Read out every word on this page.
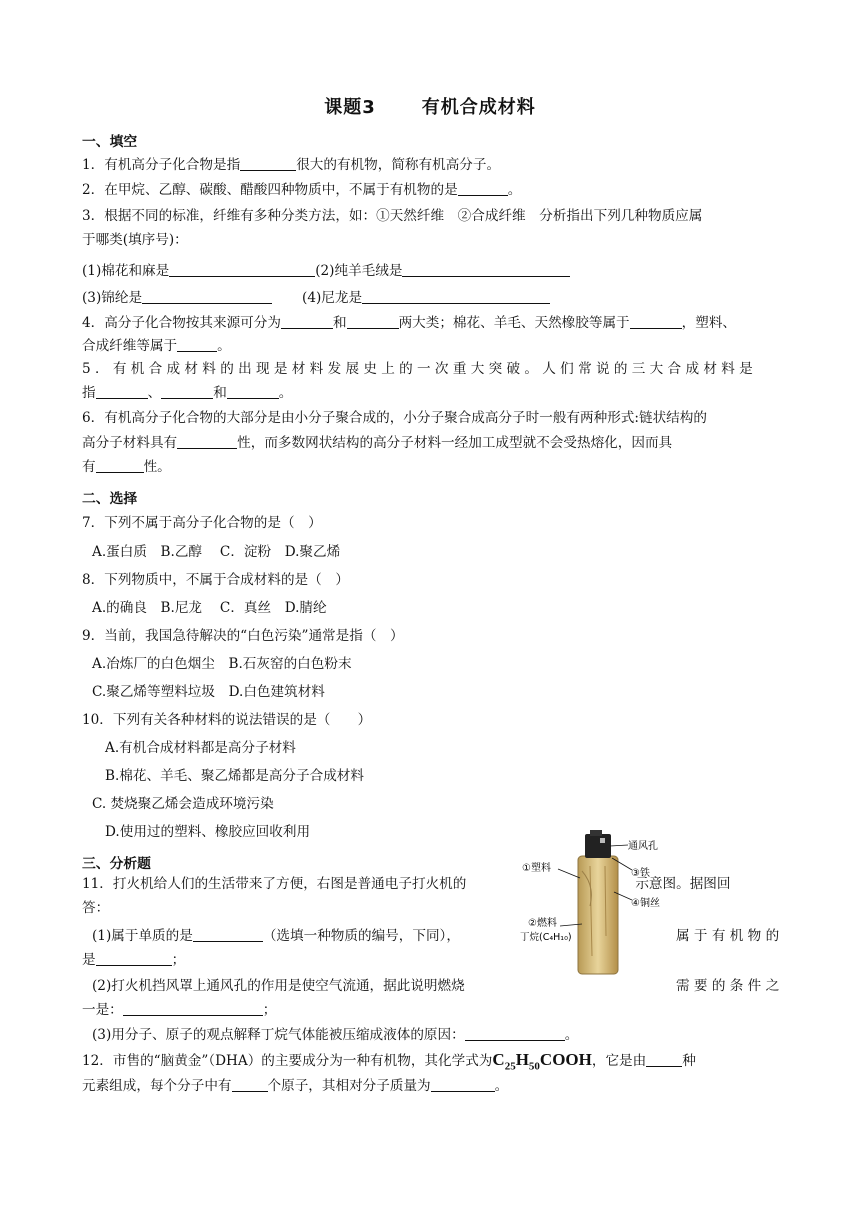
课题3	有机合成材料
一、填空
1．有机高分子化合物是指	很大的有机物，简称有机高分子。
2．在甲烷、乙醇、碳酸、醋酸四种物质中，不属于有机物的是	。
3．根据不同的标准，纤维有多种分类方法，如：①天然纤维　②合成纤维　分析指出下列几种物质应属
于哪类(填序号)：
(1)棉花和麻是	(2)纯羊毛绒是
(3)锦纶是	(4)尼龙是
4．高分子化合物按其来源可分为	和	两大类；棉花、羊毛、天然橡胶等属于	，塑料、
合成纤维等属于	。
5．有机合成材料的出现是材料发展史上的一次重大突破。人们常说的三大合成材料是
指	、	和	。
6．有机高分子化合物的大部分是由小分子聚合成的，小分子聚合成高分子时一般有两种形式:链状结构的
高分子材料具有	性，而多数网状结构的高分子材料一经加工成型就不会受热熔化，因而具
有	性。
二、选择
7．下列不属于高分子化合物的是（　）
A.蛋白质　B.乙醇　 C．淀粉　D.聚乙烯
8．下列物质中，不属于合成材料的是（　）
A.的确良　B.尼龙　 C．真丝　D.腈纶
9．当前，我国急待解决的“白色污染”通常是指（　）
A.冶炼厂的白色烟尘　B.石灰窑的白色粉末
C.聚乙烯等塑料垃圾　D.白色建筑材料
10．下列有关各种材料的说法错误的是（　　）
A.有机合成材料都是高分子材料
B.棉花、羊毛、聚乙烯都是高分子合成材料
C. 焚烧聚乙烯会造成环境污染
D.使用过的塑料、橡胶应回收利用
三、分析题
11．打火机给人们的生活带来了方便，右图是普通电子打火机的	示意图。据图回
答：
(1)属于单质的是	（选填一种物质的编号，下同），	属 于 有 机 物 的
是	；
(2)打火机挡风罩上通风孔的作用是使空气流通，据此说明燃烧	需 要 的 条 件 之
一是：	；
(3)用分子、原子的观点解释丁烷气体能被压缩成液体的原因：	。
12．市售的“脑黄金”（DHA）的主要成分为一种有机物，其化学式为$C_{25}H_{50}COOH$，它是由	种
元素组成，每个分子中有	个原子，其相对分子质量为	。
①塑料
通风孔
③铁
④铜丝
②燃料
丁烷(C₄H₁₀)
